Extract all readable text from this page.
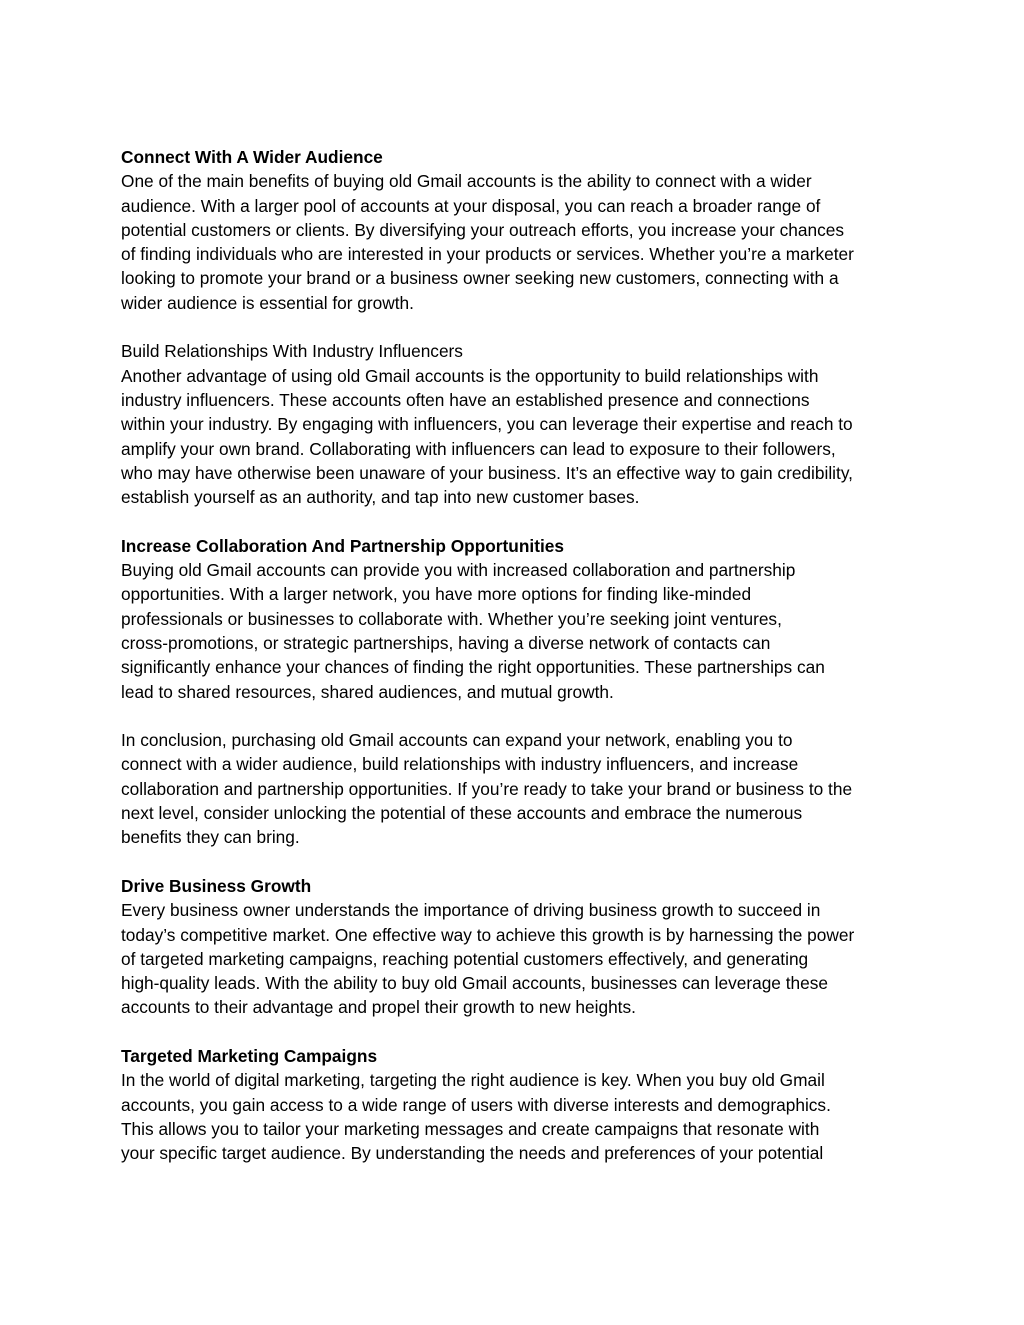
Connect With A Wider Audience

One of the main benefits of buying old Gmail accounts is the ability to connect with a wider
audience. With a larger pool of accounts at your disposal, you can reach a broader range of
potential customers or clients. By diversifying your outreach efforts, you increase your chances
of finding individuals who are interested in your products or services. Whether you’re a marketer
looking to promote your brand or a business owner seeking new customers, connecting with a
wider audience is essential for growth.

Build Relationships With Industry Influencers

Another advantage of using old Gmail accounts is the opportunity to build relationships with
industry influencers. These accounts often have an established presence and connections
within your industry. By engaging with influencers, you can leverage their expertise and reach to
amplify your own brand. Collaborating with influencers can lead to exposure to their followers,
who may have otherwise been unaware of your business. It’s an effective way to gain credibility,
establish yourself as an authority, and tap into new customer bases.

Increase Collaboration And Partnership Opportunities

Buying old Gmail accounts can provide you with increased collaboration and partnership
opportunities. With a larger network, you have more options for finding like-minded
professionals or businesses to collaborate with. Whether you’re seeking joint ventures,
cross-promotions, or strategic partnerships, having a diverse network of contacts can
significantly enhance your chances of finding the right opportunities. These partnerships can
lead to shared resources, shared audiences, and mutual growth.

In conclusion, purchasing old Gmail accounts can expand your network, enabling you to
connect with a wider audience, build relationships with industry influencers, and increase
collaboration and partnership opportunities. If you’re ready to take your brand or business to the
next level, consider unlocking the potential of these accounts and embrace the numerous
benefits they can bring.

Drive Business Growth

Every business owner understands the importance of driving business growth to succeed in
today’s competitive market. One effective way to achieve this growth is by harnessing the power
of targeted marketing campaigns, reaching potential customers effectively, and generating
high-quality leads. With the ability to buy old Gmail accounts, businesses can leverage these
accounts to their advantage and propel their growth to new heights.

Targeted Marketing Campaigns

In the world of digital marketing, targeting the right audience is key. When you buy old Gmail
accounts, you gain access to a wide range of users with diverse interests and demographics.
This allows you to tailor your marketing messages and create campaigns that resonate with
your specific target audience. By understanding the needs and preferences of your potential
